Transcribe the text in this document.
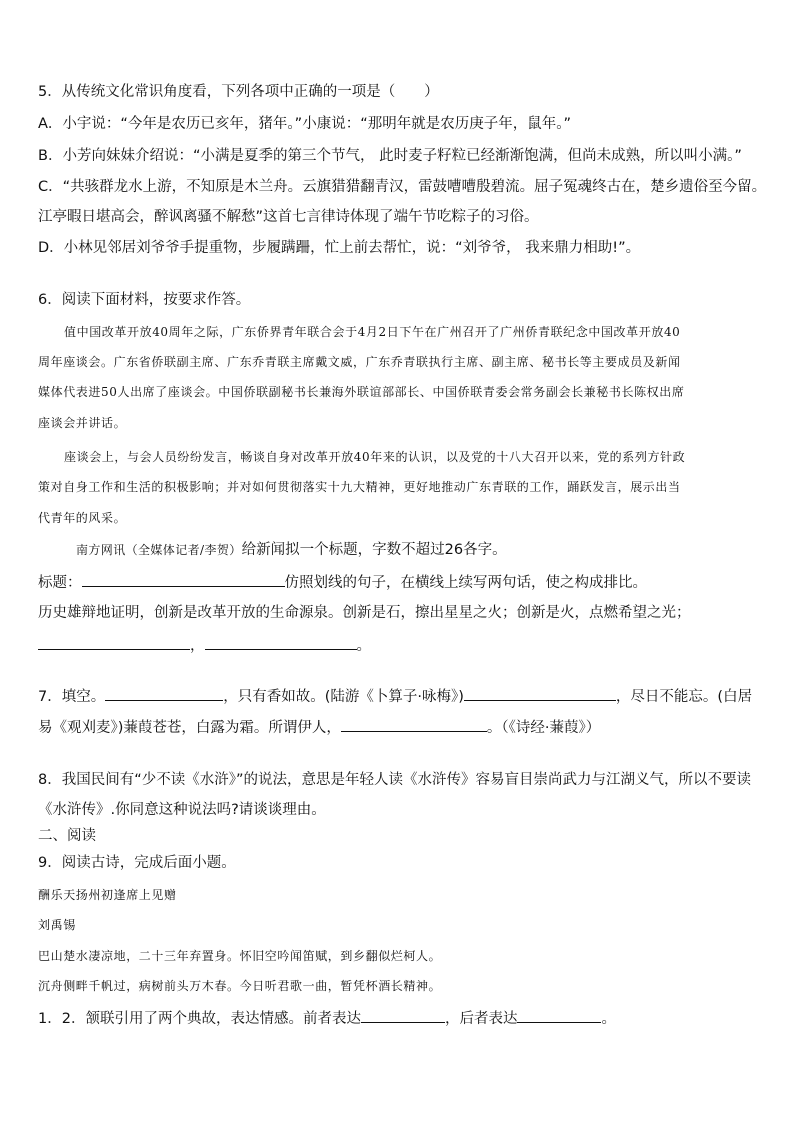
5．从传统文化常识角度看，下列各项中正确的一项是（　　）
A．小宇说：“今年是农历已亥年，猪年。”小康说：“那明年就是农历庚子年，鼠年。”
B．小芳向妹妹介绍说：“小满是夏季的第三个节气， 此时麦子籽粒已经渐渐饱满，但尚未成熟，所以叫小满。”
C．“共骇群龙水上游，不知原是木兰舟。云旗猎猎翻青汉，雷鼓嘈嘈殷碧流。屈子冤魂终古在，楚乡遗俗至今留。
江亭暇日堪高会，醉讽离骚不解愁”这首七言律诗体现了端午节吃粽子的习俗。
D．小林见邻居刘爷爷手提重物，步履蹒跚，忙上前去帮忙，说：“刘爷爷， 我来鼎力相助!”。
6．阅读下面材料，按要求作答。
值中国改革开放40周年之际，广东侨界青年联合会于4月2日下午在广州召开了广州侨青联纪念中国改革开放40
周年座谈会。广东省侨联副主席、广东乔青联主席戴文威，广东乔青联执行主席、副主席、秘书长等主要成员及新闻
媒体代表进50人出席了座谈会。中国侨联副秘书长兼海外联谊部部长、中国侨联青委会常务副会长兼秘书长陈权出席
座谈会并讲话。
座谈会上，与会人员纷纷发言，畅谈自身对改革开放40年来的认识，以及党的十八大召开以来，党的系列方针政
策对自身工作和生活的积极影响；并对如何贯彻落实十九大精神，更好地推动广东青联的工作，踊跃发言，展示出当
代青年的风采。
南方网讯（全媒体记者/李贺）给新闻拟一个标题，字数不超过26各字。
标题：	仿照划线的句子，在横线上续写两句话，使之构成排比。
历史雄辩地证明，创新是改革开放的生命源泉。创新是石，擦出星星之火；创新是火，点燃希望之光；
，	。
7．填空。	，只有香如故。(陆游《卜算子·咏梅》)	，尽日不能忘。(白居
易《观刈麦》)蒹葭苍苍，白露为霜。所谓伊人，	。（《诗经·蒹葭》）
8．我国民间有“少不读《水浒》”的说法，意思是年轻人读《水浒传》容易盲目崇尚武力与江湖义气，所以不要读
《水浒传》.你同意这种说法吗?请谈谈理由。
二、阅读
9．阅读古诗，完成后面小题。
酬乐天扬州初逢席上见赠
刘禹锡
巴山楚水凄凉地，二十三年弃置身。怀旧空吟闻笛赋，到乡翻似烂柯人。
沉舟侧畔千帆过，病树前头万木春。今日听君歌一曲，暂凭杯酒长精神。
1．2．颔联引用了两个典故，表达情感。前者表达	，后者表达	。
